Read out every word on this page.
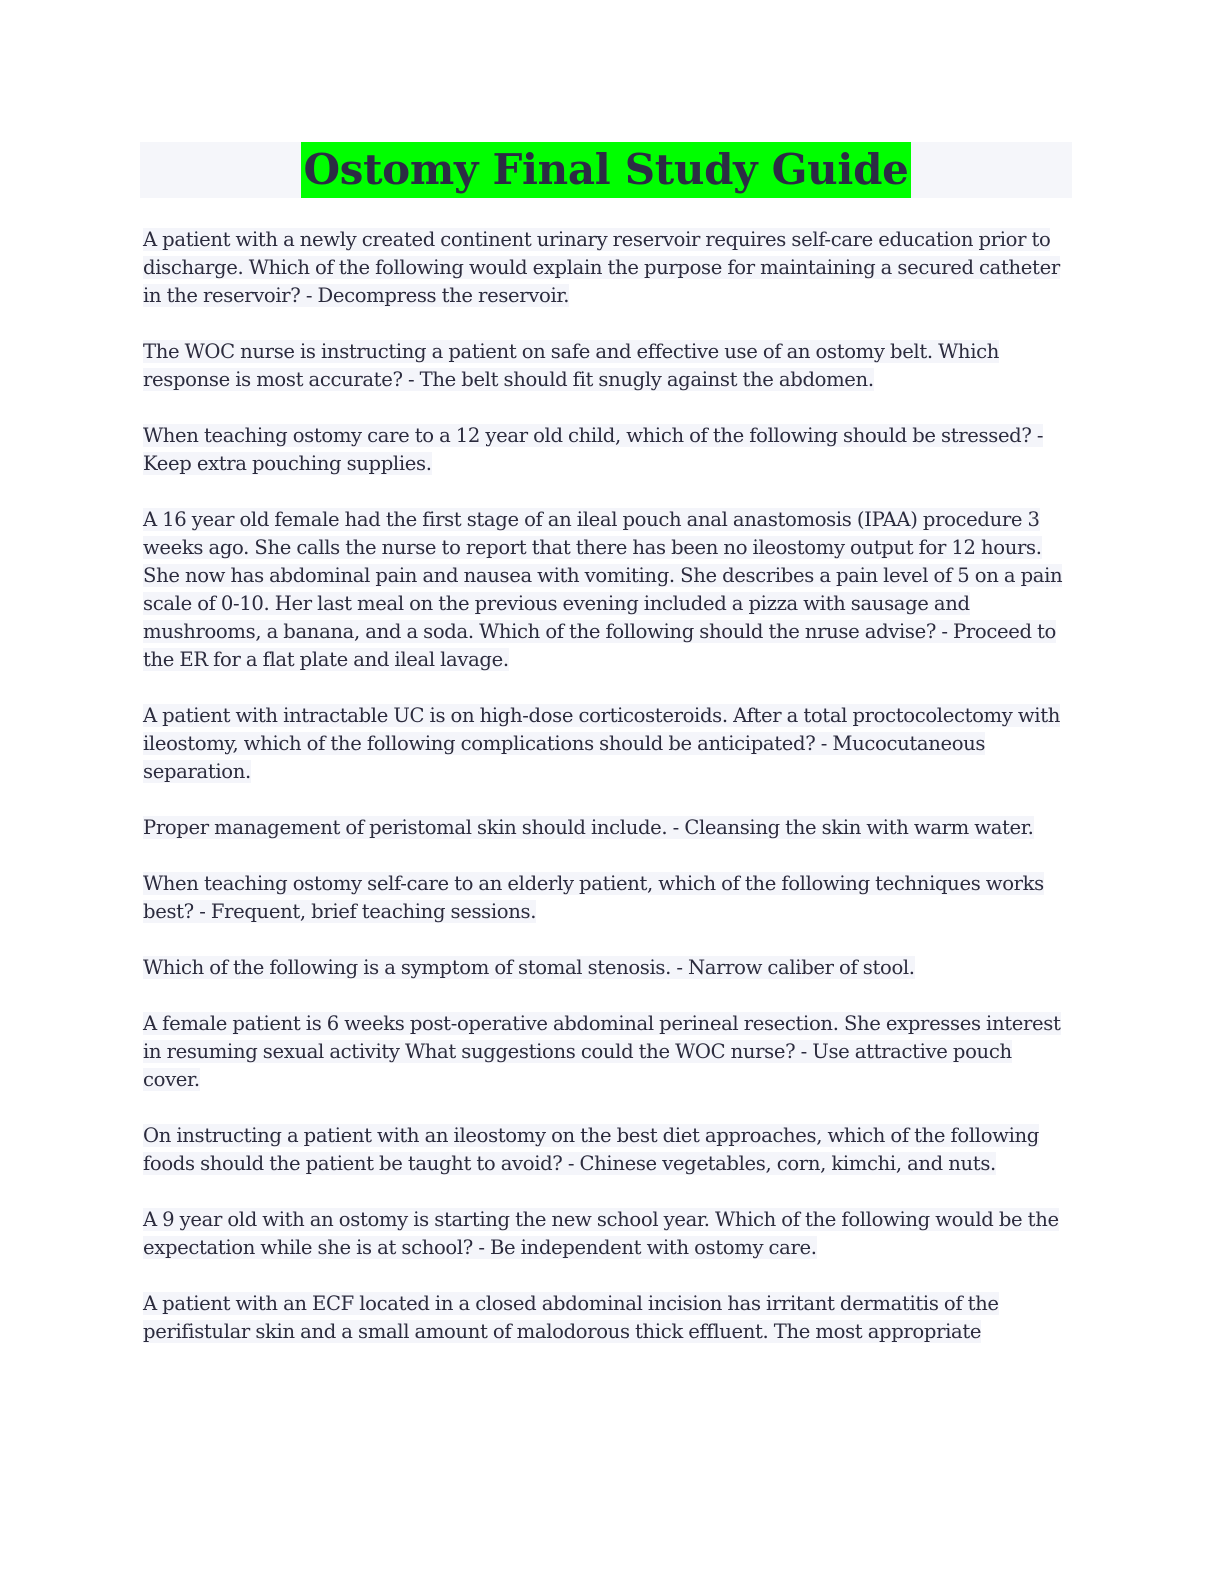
Ostomy Final Study Guide

A patient with a newly created continent urinary reservoir requires self-care education prior to discharge. Which of the following would explain the purpose for maintaining a secured catheter in the reservoir? - Decompress the reservoir.

The WOC nurse is instructing a patient on safe and effective use of an ostomy belt. Which response is most accurate? - The belt should fit snugly against the abdomen.

When teaching ostomy care to a 12 year old child, which of the following should be stressed? - Keep extra pouching supplies.

A 16 year old female had the first stage of an ileal pouch anal anastomosis (IPAA) procedure 3 weeks ago. She calls the nurse to report that there has been no ileostomy output for 12 hours. She now has abdominal pain and nausea with vomiting. She describes a pain level of 5 on a pain scale of 0-10. Her last meal on the previous evening included a pizza with sausage and mushrooms, a banana, and a soda. Which of the following should the nruse advise? - Proceed to the ER for a flat plate and ileal lavage.

A patient with intractable UC is on high-dose corticosteroids. After a total proctocolectomy with ileostomy, which of the following complications should be anticipated? - Mucocutaneous separation.

Proper management of peristomal skin should include. - Cleansing the skin with warm water.

When teaching ostomy self-care to an elderly patient, which of the following techniques works best? - Frequent, brief teaching sessions.

Which of the following is a symptom of stomal stenosis. - Narrow caliber of stool.

A female patient is 6 weeks post-operative abdominal perineal resection. She expresses interest in resuming sexual activity What suggestions could the WOC nurse? - Use attractive pouch cover.

On instructing a patient with an ileostomy on the best diet approaches, which of the following foods should the patient be taught to avoid? - Chinese vegetables, corn, kimchi, and nuts.

A 9 year old with an ostomy is starting the new school year. Which of the following would be the expectation while she is at school? - Be independent with ostomy care.

A patient with an ECF located in a closed abdominal incision has irritant dermatitis of the perifistular skin and a small amount of malodorous thick effluent. The most appropriate
